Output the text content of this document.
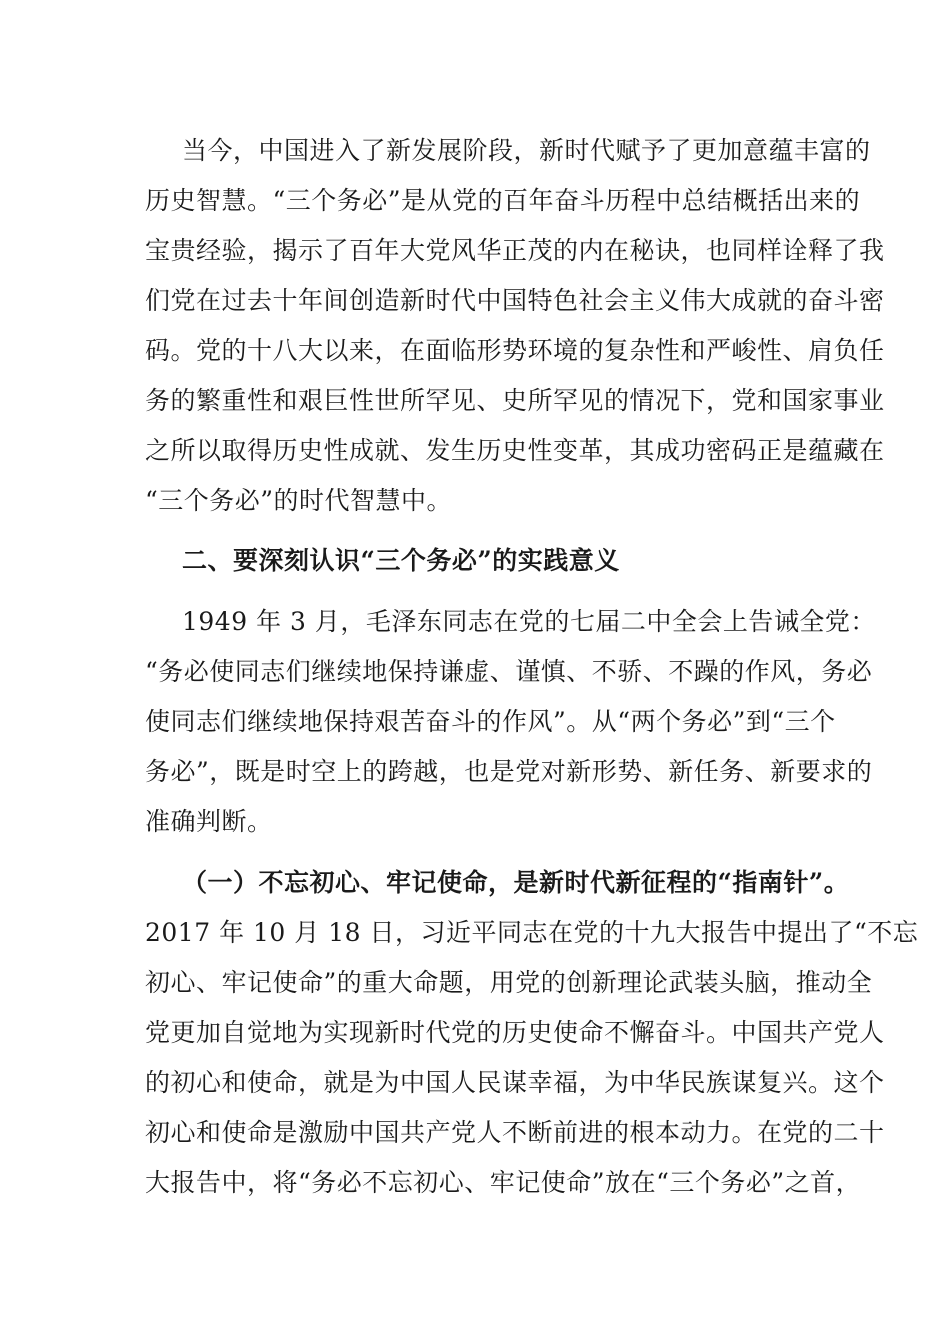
当今，中国进入了新发展阶段，新时代赋予了更加意蕴丰富的
历史智慧。“三个务必”是从党的百年奋斗历程中总结概括出来的
宝贵经验，揭示了百年大党风华正茂的内在秘诀，也同样诠释了我
们党在过去十年间创造新时代中国特色社会主义伟大成就的奋斗密
码。党的十八大以来，在面临形势环境的复杂性和严峻性、肩负任
务的繁重性和艰巨性世所罕见、史所罕见的情况下，党和国家事业
之所以取得历史性成就、发生历史性变革，其成功密码正是蕴藏在
“三个务必”的时代智慧中。
二、要深刻认识“三个务必”的实践意义
1949 年 3 月，毛泽东同志在党的七届二中全会上告诫全党：
“务必使同志们继续地保持谦虚、谨慎、不骄、不躁的作风，务必
使同志们继续地保持艰苦奋斗的作风”。从“两个务必”到“三个
务必”，既是时空上的跨越，也是党对新形势、新任务、新要求的
准确判断。
（一）不忘初心、牢记使命，是新时代新征程的“指南针”。
2017 年 10 月 18 日，习近平同志在党的十九大报告中提出了“不忘
初心、牢记使命”的重大命题，用党的创新理论武装头脑，推动全
党更加自觉地为实现新时代党的历史使命不懈奋斗。中国共产党人
的初心和使命，就是为中国人民谋幸福，为中华民族谋复兴。这个
初心和使命是激励中国共产党人不断前进的根本动力。在党的二十
大报告中，将“务必不忘初心、牢记使命”放在“三个务必”之首，
